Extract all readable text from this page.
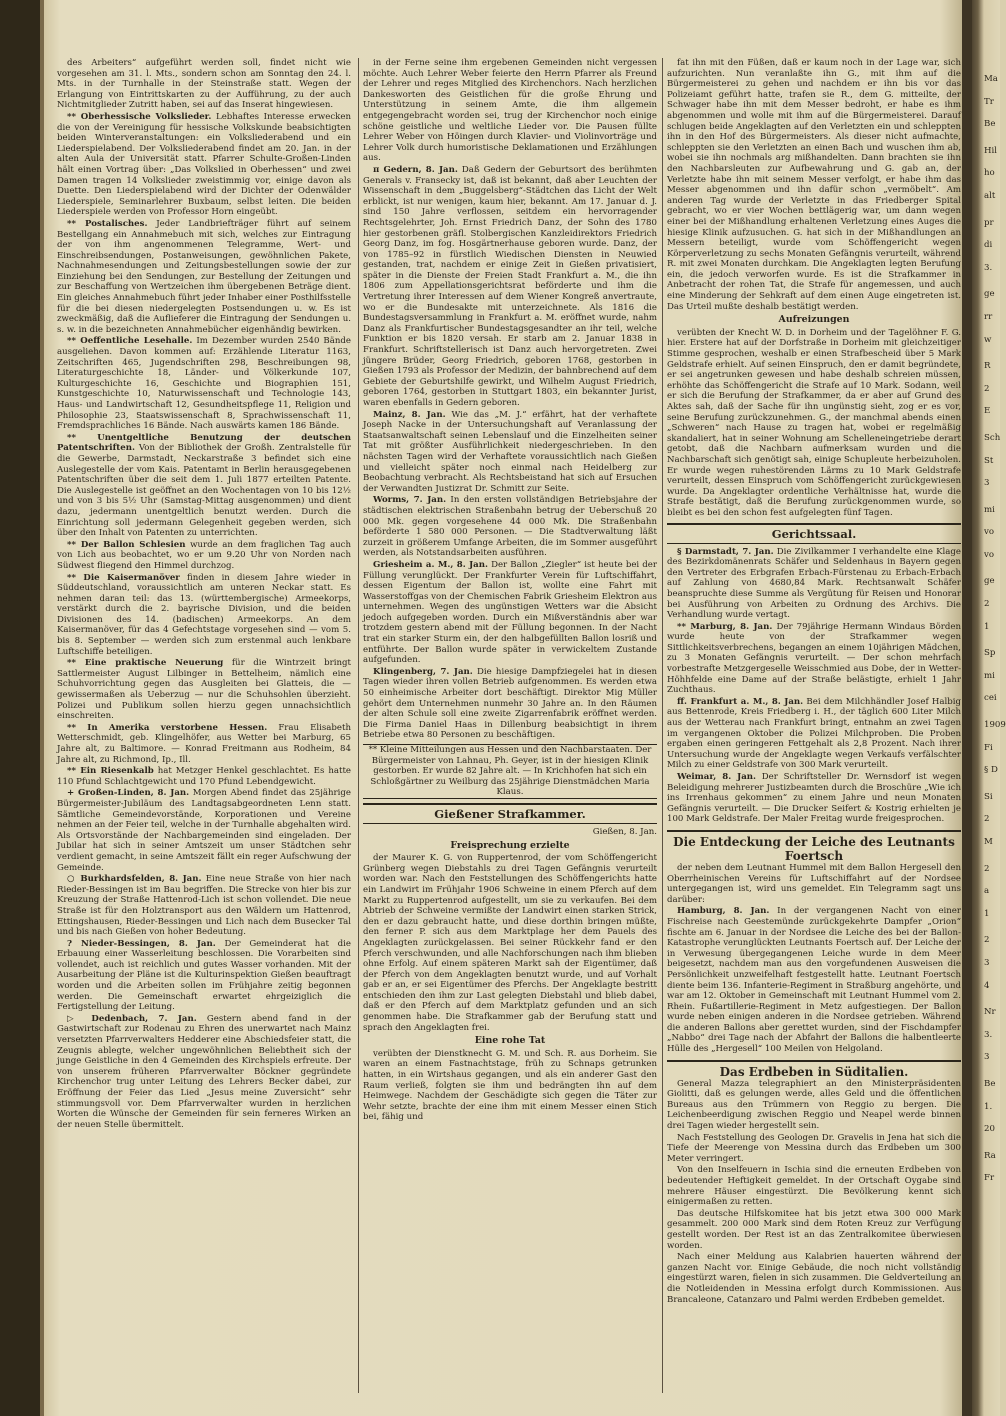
des Arbeiters“ aufgeführt werden soll, findet nicht wie vorgesehen am 31. l. Mts., sondern schon am Sonntag den 24. l. Mts. in der Turnhalle in der Steinstraße statt. Wegen der Erlangung von Eintrittskarten zu der Aufführung, zu der auch Nichtmitglieder Zutritt haben, sei auf das Inserat hingewiesen.

** Oberhessische Volkslieder. Lebhaftes Interesse erwecken die von der Vereinigung für hessische Volkskunde beabsichtigten beiden Winterveranstaltungen: ein Volksliederabend und ein Liederspielabend. Der Volksliederabend findet am 20. Jan. in der alten Aula der Universität statt. Pfarrer Schulte-Großen-Linden hält einen Vortrag über: „Das Volkslied in Oberhessen“ und zwei Damen tragen 14 Volkslieder zweistimmig vor, einige davon als Duette. Den Liederspielabend wird der Dichter der Odenwälder Liederspiele, Seminarlehrer Buxbaum, selbst leiten. Die beiden Liederspiele werden von Professor Horn eingeübt.

** Postalisches. Jeder Landbriefträger führt auf seinem Bestellgang ein Annahmebuch mit sich, welches zur Eintragung der von ihm angenommenen Telegramme, Wert- und Einschreibsendungen, Postanweisungen, gewöhnlichen Pakete, Nachnahmesendungen und Zeitungsbestellungen sowie der zur Einziehung bei den Sendungen, zur Bestellung der Zeitungen und zur Beschaffung von Wertzeichen ihm übergebenen Beträge dient. Ein gleiches Annahmebuch führt jeder Inhaber einer Posthilfsstelle für die bei diesen niedergelegten Postsendungen u. w. Es ist zweckmäßig, daß die Auflieferer die Eintragung der Sendungen u. s. w. in die bezeichneten Annahmebücher eigenhändig bewirken.

** Oeffentliche Lesehalle. Im Dezember wurden 2540 Bände ausgeliehen. Davon kommen auf: Erzählende Literatur 1163, Zeitschriften 465, Jugendschriften 298, Beschreibungen 98, Literaturgeschichte 18, Länder- und Völkerkunde 107, Kulturgeschichte 16, Geschichte und Biographien 151, Kunstgeschichte 10, Naturwissenschaft und Technologie 143, Haus- und Landwirtschaft 12, Gesundheitspflege 11, Religion und Philosophie 23, Staatswissenschaft 8, Sprachwissenschaft 11, Fremdsprachliches 16 Bände. Nach auswärts kamen 186 Bände.

** Unentgeltliche Benutzung der deutschen Patentschriften. Von der Bibliothek der Großh. Zentralstelle für die Gewerbe, Darmstadt, Neckarstraße 3 befindet sich eine Auslegestelle der vom Kais. Patentamt in Berlin herausgegebenen Patentschriften über die seit dem 1. Juli 1877 erteilten Patente. Die Auslegestelle ist geöffnet an den Wochentagen von 10 bis 12½ und von 3 bis 5½ Uhr (Samstag-Mittag ausgenommen) und dient dazu, jedermann unentgeltlich benutzt werden. Durch die Einrichtung soll jedermann Gelegenheit gegeben werden, sich über den Inhalt von Patenten zu unterrichten.

** Der Ballon Schlesien wurde an dem fraglichen Tag auch von Lich aus beobachtet, wo er um 9.20 Uhr von Norden nach Südwest fliegend den Himmel durchzog.

** Die Kaisermanöver finden in diesem Jahre wieder in Süddeutschland, voraussichtlich am unteren Neckar statt. Es nehmen daran teil: das 13. (württembergische) Armeekorps, verstärkt durch die 2. bayrische Division, und die beiden Divisionen des 14. (badischen) Armeekorps. An dem Kaisermanöver, für das 4 Gefechtstage vorgesehen sind — vom 5. bis 8. September — werden sich zum erstenmal auch lenkbare Luftschiffe beteiligen.

** Eine praktische Neuerung für die Wintrzeit bringt Sattlermeister August Lilbinger in Bettelheim, nämlich eine Schuhvorrichtung gegen das Ausgleiten bei Glatteis, die — gewissermaßen als Ueberzug — nur die Schuhsohlen überzieht. Polizei und Publikum sollen hierzu gegen unnachsichtlich einschreiten.

** In Amerika verstorbene Hessen. Frau Elisabeth Wetterschmidt, geb. Klingelhöfer, aus Wetter bei Marburg, 65 Jahre alt, zu Baltimore. — Konrad Freitmann aus Rodheim, 84 Jahre alt, zu Richmond, Ip., Ill.

** Ein Riesenkalb hat Metzger Henkel geschlachtet. Es hatte 110 Pfund Schlachtgewicht und 170 Pfund Lebendgewicht.

+ Großen-Linden, 8. Jan. Morgen Abend findet das 25jährige Bürgermeister-Jubiläum des Landtagsabgeordneten Lenn statt. Sämtliche Gemeindevorstände, Korporationen und Vereine nehmen an der Feier teil, welche in der Turnhalle abgehalten wird. Als Ortsvorstände der Nachbargemeinden sind eingeladen. Der Jubilar hat sich in seiner Amtszeit um unser Städtchen sehr verdient gemacht, in seine Amtszeit fällt ein reger Aufschwung der Gemeinde.

○ Burkhardsfelden, 8. Jan. Eine neue Straße von hier nach Rieder-Bessingen ist im Bau begriffen. Die Strecke von hier bis zur Kreuzung der Straße Hattenrod-Lich ist schon vollendet. Die neue Straße ist für den Holztransport aus den Wäldern um Hattenrod, Ettingshausen, Rieder-Bessingen und Lich nach dem Busecker Tal und bis nach Gießen von hoher Bedeutung.

? Nieder-Bessingen, 8. Jan. Der Gemeinderat hat die Erbauung einer Wasserleitung beschlossen. Die Vorarbeiten sind vollendet, auch ist reichlich und gutes Wasser vorhanden. Mit der Ausarbeitung der Pläne ist die Kulturinspektion Gießen beauftragt worden und die Arbeiten sollen im Frühjahre zeitig begonnen werden. Die Gemeinschaft erwartet ehrgeiziglich die Fertigstellung der Leitung.

▷ Dedenbach, 7. Jan. Gestern abend fand in der Gastwirtschaft zur Rodenau zu Ehren des unerwartet nach Mainz versetzten Pfarrverwalters Hedderer eine Abschiedsfeier statt, die Zeugnis ablegte, welcher ungewöhnlichen Beliebtheit sich der junge Geistliche in den 4 Gemeinden des Kirchspiels erfreute. Der von unserem früheren Pfarrverwalter Böckner gegründete Kirchenchor trug unter Leitung des Lehrers Becker dabei, zur Eröffnung der Feier das Lied „Jesus meine Zuversicht“ sehr stimmungsvoll vor. Dem Pfarrverwalter wurden in herzlichen Worten die Wünsche der Gemeinden für sein ferneres Wirken an der neuen Stelle übermittelt.

in der Ferne seine ihm ergebenen Gemeinden nicht vergessen möchte. Auch Lehrer Weber feierte den Herrn Pfarrer als Freund der Lehrer und reges Mitglied des Kirchenchors. Nach herzlichen Dankesworten des Geistlichen für die große Ehrung und Unterstützung in seinem Amte, die ihm allgemein entgegengebracht worden sei, trug der Kirchenchor noch einige schöne geistliche und weltliche Lieder vor. Die Pausen füllte Lehrer Weber von Höingen durch Klavier- und Violinvorträge und Lehrer Volk durch humoristische Deklamationen und Erzählungen aus.

π Gedern, 8. Jan. Daß Gedern der Geburtsort des berühmten Generals v. Fransecky ist, daß ist bekannt, daß aber Leuchten der Wissenschaft in dem „Buggelsberg“-Städtchen das Licht der Welt erblickt, ist nur wenigen, kaum hier, bekannt. Am 17. Januar d. J. sind 150 Jahre verflossen, seitdem ein hervorragender Rechtsgelehrter, Joh. Ernst Friedrich Danz, der Sohn des 1780 hier gestorbenen gräfl. Stolbergischen Kanzleidirektors Friedrich Georg Danz, im fog. Hosgärtnerhause geboren wurde. Danz, der von 1785–92 in fürstlich Wiedischen Diensten in Neuwied gestanden, trat, nachdem er einige Zeit in Gießen privatisiert, später in die Dienste der Freien Stadt Frankfurt a. M., die ihn 1806 zum Appellationsgerichtsrat beförderte und ihm die Vertretung ihrer Interessen auf dem Wiener Kongreß anvertraute, wo er die Bundesakte mit unterzeichnete. Als 1816 die Bundestagsversammlung in Frankfurt a. M. eröffnet wurde, nahm Danz als Frankfurtischer Bundestagsgesandter an ihr teil, welche Funktion er bis 1820 versah. Er starb am 2. Januar 1838 in Frankfurt. Schriftstellerisch ist Danz auch hervorgetreten. Zwei jüngere Brüder, Georg Friedrich, geboren 1768, gestorben in Gießen 1793 als Professor der Medizin, der bahnbrechend auf dem Gebiete der Geburtshilfe gewirkt, und Wilhelm August Friedrich, geboren 1764, gestorben in Stuttgart 1803, ein bekannter Jurist, waren ebenfalls in Gedern geboren.

Mainz, 8. Jan. Wie das „M. J.“ erfährt, hat der verhaftete Joseph Nacke in der Untersuchungshaft auf Veranlassung der Staatsanwaltschaft seinen Lebenslauf und die Einzelheiten seiner Tat mit größter Ausführlichkeit niedergeschrieben. In den nächsten Tagen wird der Verhaftete voraussichtlich nach Gießen und vielleicht später noch einmal nach Heidelberg zur Beobachtung verbracht. Als Rechtsbeistand hat sich auf Ersuchen der Verwandten Justizrat Dr. Schmitt zur Seite.

Worms, 7. Jan. In den ersten vollständigen Betriebsjahre der städtischen elektrischen Straßenbahn betrug der Ueberschuß 20 000 Mk. gegen vorgesehene 44 000 Mk. Die Straßenbahn beförderte 1 580 000 Personen. — Die Stadtverwaltung läßt zurzeit in größerem Umfange Arbeiten, die im Sommer ausgeführt werden, als Notstandsarbeiten ausführen.

Griesheim a. M., 8. Jan. Der Ballon „Ziegler“ ist heute bei der Füllung verunglückt. Der Frankfurter Verein für Luftschiffahrt, dessen Eigentum der Ballon ist, wollte eine Fahrt mit Wasserstoffgas von der Chemischen Fabrik Griesheim Elektron aus unternehmen. Wegen des ungünstigen Wetters war die Absicht jedoch aufgegeben worden. Durch ein Mißverständnis aber war trotzdem gestern abend mit der Füllung begonnen. In der Nacht trat ein starker Sturm ein, der den halbgefüllten Ballon losriß und entführte. Der Ballon wurde später in verwickeltem Zustande aufgefunden.

Klingenberg, 7. Jan. Die hiesige Dampfziegelei hat in diesen Tagen wieder ihren vollen Betrieb aufgenommen. Es werden etwa 50 einheimische Arbeiter dort beschäftigt. Direktor Mig Müller gehört dem Unternehmen nunmehr 30 Jahre an. In den Räumen der alten Schule soll eine zweite Zigarrenfabrik eröffnet werden. Die Firma Daniel Haas in Dillenburg beabsichtigt in ihrem Betriebe etwa 80 Personen zu beschäftigen.

** Kleine Mitteilungen aus Hessen und den Nachbarstaaten. Der Bürgermeister von Lahnau, Ph. Geyer, ist in der hiesigen Klinik gestorben. Er wurde 82 Jahre alt. — In Krichhofen hat sich ein Schloßgärtner zu Weilburg das 25jährige Dienstmädchen Maria Klaus.
Gießener Strafkammer.
Gießen, 8. Jan.
Freisprechung erzielte

der Maurer K. G. von Ruppertenrod, der vom Schöffengericht Grünberg wegen Diebstahls zu drei Tagen Gefängnis verurteilt worden war. Nach den Feststellungen des Schöffengerichts hatte ein Landwirt im Frühjahr 1906 Schweine in einem Pferch auf dem Markt zu Ruppertenrod aufgestellt, um sie zu verkaufen. Bei dem Abtrieb der Schweine vermißte der Landwirt einen starken Strick, den er dazu gebraucht hatte, und diese dorthin bringen müßte, den ferner P. sich aus dem Marktplage her dem Pauels des Angeklagten zurückgelassen. Bei seiner Rückkehr fand er den Pferch verschwunden, und alle Nachforschungen nach ihm blieben ohne Erfolg. Auf einem späteren Markt sah der Eigentümer, daß der Pferch von dem Angeklagten benutzt wurde, und auf Vorhalt gab er an, er sei Eigentümer des Pferchs. Der Angeklagte bestritt entschieden den ihm zur Last gelegten Diebstahl und blieb dabei, daß er den Pferch auf dem Marktplatz gefunden und an sich genommen habe. Die Strafkammer gab der Berufung statt und sprach den Angeklagten frei.

Eine rohe Tat

verübten der Dienstknecht G. M. und Sch. R. aus Dorheim. Sie waren an einem Fastnachtstage, früh zu Schnaps getrunken hatten, in ein Wirtshaus gegangen, und als ein anderer Gast den Raum verließ, folgten sie ihm und bedrängten ihn auf dem Heimwege. Nachdem der Geschädigte sich gegen die Täter zur Wehr setzte, brachte der eine ihm mit einem Messer einen Stich bei, fähig und

fat ihn mit den Füßen, daß er kaum noch in der Lage war, sich aufzurichten. Nun veranlaßte ihn G., mit ihm auf die Bürgermeisterei zu gehen und nachdem er ihn bis vor das Polizeiamt geführt hatte, trafen sie R., dem G. mitteilte, der Schwager habe ihn mit dem Messer bedroht, er habe es ihm abgenommen und wolle mit ihm auf die Bürgermeisterei. Darauf schlugen beide Angeklagten auf den Verletzten ein und schleppten ihn in den Hof des Bürgermeisters. Als dieser nicht aufmachte, schleppten sie den Verletzten an einen Bach und wuschen ihm ab, wobei sie ihn nochmals arg mißhandelten. Dann brachten sie ihn den Nachbarsleuten zur Aufbewahrung und G. gab an, der Verletzte habe ihn mit seinem Messer verfolgt, er habe ihm das Messer abgenommen und ihn dafür schon „vermöbelt“. Am anderen Tag wurde der Verletzte in das Friedberger Spital gebracht, wo er vier Wochen bettlägerig war, um dann wegen einer bei der Mißhandlung erhaltenen Verletzung eines Auges die hiesige Klinik aufzusuchen. G. hat sich in der Mißhandlungen an Messern beteiligt, wurde vom Schöffengericht wegen Körperverletzung zu sechs Monaten Gefängnis verurteilt, während R. mit zwei Monaten durchkam. Die Angeklagten legten Berufung ein, die jedoch verworfen wurde. Es ist die Strafkammer in Anbetracht der rohen Tat, die Strafe für angemessen, und auch eine Minderung der Sehkraft auf dem einen Auge eingetreten ist. Das Urteil mußte deshalb bestätigt werden.

Aufreizungen

verübten der Knecht W. D. in Dorheim und der Tagelöhner F. G. hier. Erstere hat auf der Dorfstraße in Dorheim mit gleichzeitiger Stimme gesprochen, weshalb er einen Strafbescheid über 5 Mark Geldstrafe erhielt. Auf seinen Einspruch, den er damit begründete, er sei angetrunken gewesen und habe deshalb schreien müssen, erhöhte das Schöffengericht die Strafe auf 10 Mark. Sodann, weil er sich die Berufung der Strafkammer, da er aber auf Grund des Aktes sah, daß der Sache für ihn ungünstig sieht, zog er es vor, seine Berufung zurückzunehmen. G., der manchmal abends einen „Schweren“ nach Hause zu tragen hat, wobei er regelmäßig skandaliert, hat in seiner Wohnung am Schelleneingetriebe derart getobt, daß die Nachbarn aufmerksam wurden und die Nachbarschaft sich genötigt sah, einige Schupleute herbeizuholen. Er wurde wegen ruhestörenden Lärms zu 10 Mark Geldstrafe verurteilt, dessen Einspruch vom Schöffengericht zurückgewiesen wurde. Da Angeklagter ordentliche Verhältnisse hat, wurde die Strafe bestätigt, daß die Berufung zurückgenommen wurde, so bleibt es bei den schon fest aufgelegten fünf Tagen.

Gerichtssaal.

§ Darmstadt, 7. Jan. Die Zivilkammer I verhandelte eine Klage des Bezirkdomänenrats Schäfer und Seldenhaus in Bayern gegen den Vertreter des Erbgrafen Erbach-Fürstenau zu Erbach-Erbach auf Zahlung von 4680,84 Mark. Rechtsanwalt Schäfer beanspruchte diese Summe als Vergütung für Reisen und Honorar bei Ausführung von Arbeiten zu Ordnung des Archivs. Die Verhandlung wurde vertagt.

** Marburg, 8. Jan. Der 79jährige Hermann Windaus Börden wurde heute von der Strafkammer wegen Sittlichkeitsverbrechens, begangen an einem 10jährigen Mädchen, zu 3 Monaten Gefängnis verurteilt. — Der schon mehrfach vorbestrafte Metzgergeselle Weisschmied aus Dobe, der in Wetter-Höhhfelde eine Dame auf der Straße belästigte, erhielt 1 Jahr Zuchthaus.

ff. Frankfurt a. M., 8. Jan. Bei dem Milchhändler Josef Halbig aus Bettenrode, Kreis Friedberg i. H., der täglich 600 Liter Milch aus der Wetterau nach Frankfurt bringt, entnahm an zwei Tagen im vergangenen Oktober die Polizei Milchproben. Die Proben ergaben einen geringeren Fettgehalt als 2,8 Prozent. Nach ihrer Untersuchung wurde der Angeklagte wegen Verkaufs verfälschter Milch zu einer Geldstrafe von 300 Mark verurteilt.

Weimar, 8. Jan. Der Schriftsteller Dr. Wernsdorf ist wegen Beleidigung mehrerer Justizbeamten durch die Broschüre „Wie ich ins Irrenhaus gekommen“ zu einem Jahre und neun Monaten Gefängnis verurteilt. — Die Drucker Seifert & Kostrig erhielten je 100 Mark Geldstrafe. Der Maler Freitag wurde freigesprochen.

Die Entdeckung der Leiche des Leutnants Foertsch

der neben dem Leutnant Hummel mit dem Ballon Hergesell den Oberrheinischen Vereins für Luftschiffahrt auf der Nordsee untergegangen ist, wird uns gemeldet. Ein Telegramm sagt uns darüber:

Hamburg, 8. Jan. In der vergangenen Nacht von einer Fischreise nach Geestemünde zurückgekehrte Dampfer „Orion“ fischte am 6. Januar in der Nordsee die Leiche des bei der Ballon-Katastrophe verunglückten Leutnants Foertsch auf. Der Leiche der in Verwesung übergegangenen Leiche wurde in dem Meer beigesetzt, nachdem man aus den vorgefundenen Ausweisen die Persönlichkeit unzweifelhaft festgestellt hatte. Leutnant Foertsch diente beim 136. Infanterie-Regiment in Straßburg angehörte, und war am 12. Oktober in Gemeinschaft mit Leutnant Hummel vom 2. Rhein. Fußartillerie-Regiment in Metz aufgestiegen. Der Ballon wurde neben einigen anderen in die Nordsee getrieben. Während die anderen Ballons aber gerettet wurden, sind der Fischdampfer „Nabbo“ drei Tage nach der Abfahrt der Ballons die halbentleerte Hülle des „Hergesell“ 100 Meilen von Helgoland.

Das Erdbeben in Süditalien.

General Mazza telegraphiert an den Ministerpräsidenten Giolitti, daß es gelungen werde, alles Geld und die öffentlichen Bureaus aus den Trümmern von Reggio zu bergen. Die Leichenbeerdigung zwischen Reggio und Neapel werde binnen drei Tagen wieder hergestellt sein.

Nach Feststellung des Geologen Dr. Gravelis in Jena hat sich die Tiefe der Meerenge von Messina durch das Erdbeben um 300 Meter verringert.

Von den Inselfeuern in Ischia sind die erneuten Erdbeben von bedeutender Heftigkeit gemeldet. In der Ortschaft Oygabe sind mehrere Häuser eingestürzt. Die Bevölkerung kennt sich einigermaßen zu retten.

Das deutsche Hilfskomitee hat bis jetzt etwa 300 000 Mark gesammelt. 200 000 Mark sind dem Roten Kreuz zur Verfügung gestellt worden. Der Rest ist an das Zentralkomitee überwiesen worden.

Nach einer Meldung aus Kalabrien hauerten während der ganzen Nacht vor. Einige Gebäude, die noch nicht vollständig eingestürzt waren, fielen in sich zusammen. Die Geldverteilung an die Notleidenden in Messina erfolgt durch Kommissionen. Aus Brancaleone, Catanzaro und Palmi werden Erdbeben gemeldet.

Ma
Tr
Be
Hil
ho
alt
pr
di
3.
ge
rr
w
R
2
E
Sch
St
3
mi
vo
vo
ge
2
1
Sp
mi
cei
1909
Fi
§ D
Si
2
M
2
a
1
2
3
4
Nr
3.
3
Be
1.
20
Ra
Fr
